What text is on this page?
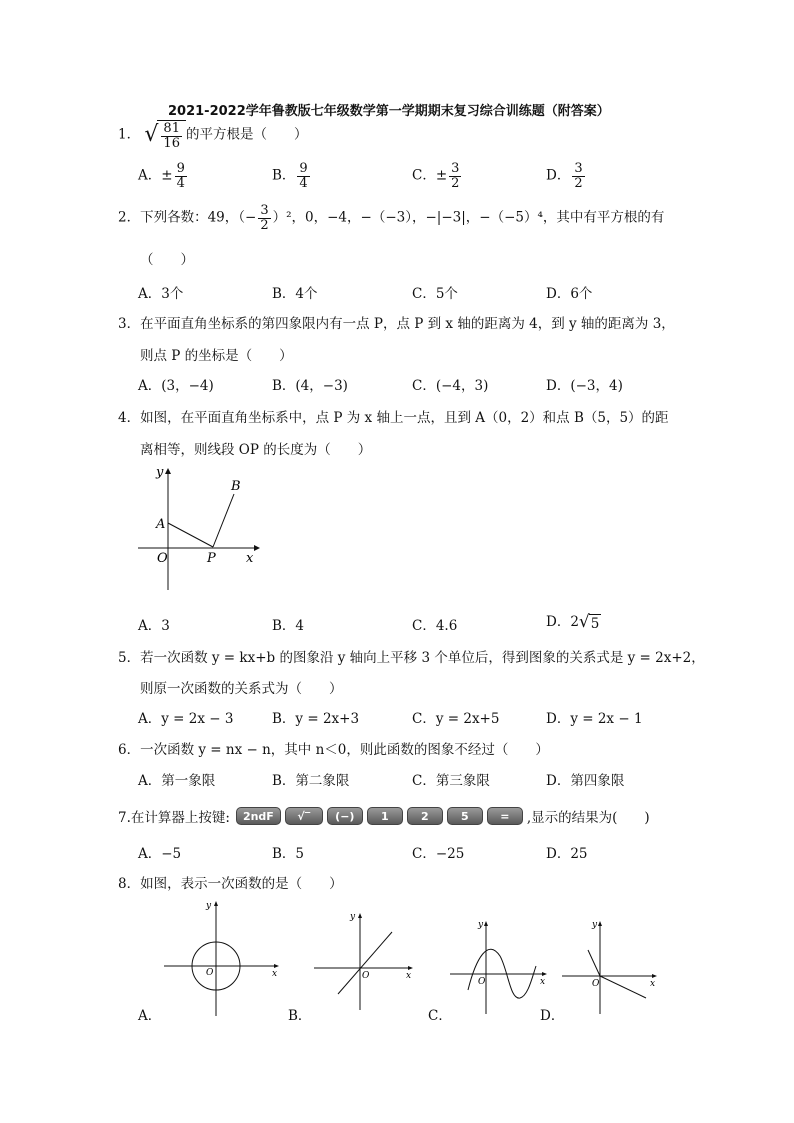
2021-2022学年鲁教版七年级数学第一学期期末复习综合训练题（附答案）
1． √ $\frac{81}{16}$ 的平方根是（　　）
A．± $\frac{9}{4}$	B． $\frac{9}{4}$	C．± $\frac{3}{2}$	D． $\frac{3}{2}$
2．下列各数：49，（− $\frac{3}{2} )^2$，0，−4，−（−3），−|−3|，−（−5）⁴，其中有平方根的有
（　　）
A．3个	B．4个	C．5个	D．6个
3．在平面直角坐标系的第四象限内有一点 P，点 P 到 x 轴的距离为 4，到 y 轴的距离为 3，
则点 P 的坐标是（　　）
A．(3，−4)	B．(4，−3)	C．(−4，3)	D．(−3，4)
4．如图，在平面直角坐标系中，点 P 为 x 轴上一点，且到 A（0，2）和点 B（5，5）的距
离相等，则线段 OP 的长度为（　　）
y
x
O
A
B
P
A．3	B．4	C．4.6	D．2 √ 5
5．若一次函数 y = kx+b 的图象沿 y 轴向上平移 3 个单位后，得到图象的关系式是 y = 2x+2，
则原一次函数的关系式为（　　）
A．y = 2x − 3	B．y = 2x+3	C．y = 2x+5	D．y = 2x − 1
6．一次函数 y = nx − n，其中 n＜0，则此函数的图象不经过（　　）
A．第一象限	B．第二象限	C．第三象限	D．第四象限
7.在计算器上按键:	2ndF	√‾	(−)	1	2	5	=	,显示的结果为(　　)
A．−5	B．5	C．−25	D．25
8．如图，表示一次函数的是（　　）
y
x
O
y
x
O
y
x
O
y
x
O
A．	B．	C．	D．
